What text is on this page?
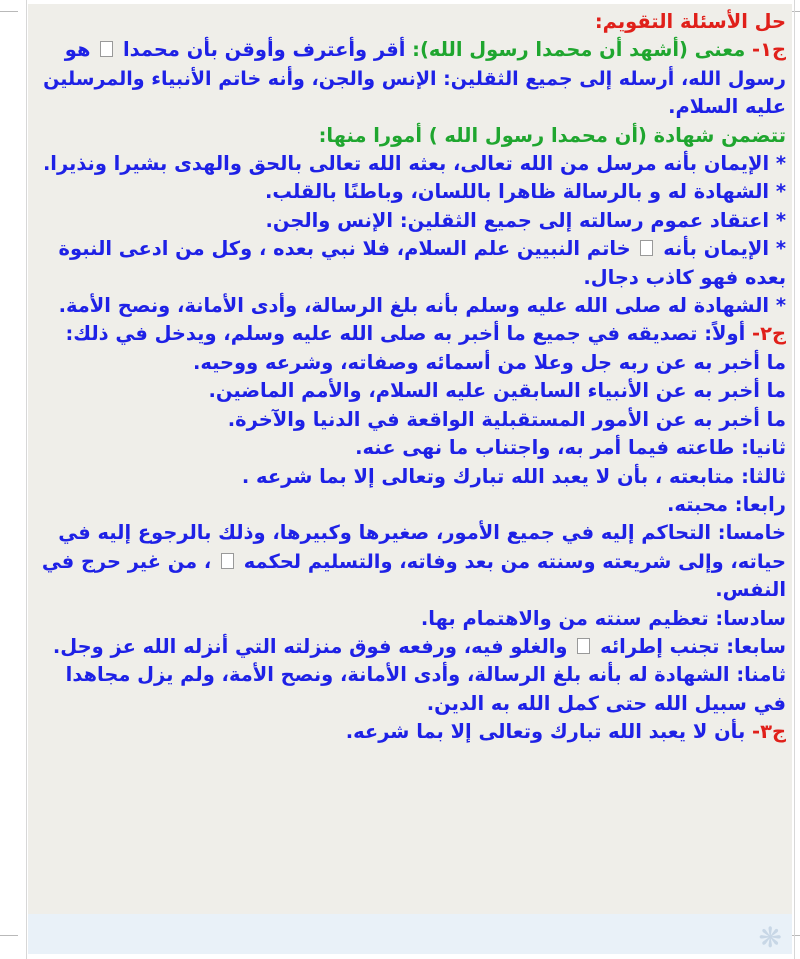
❋
حل الأسئلة التقويم:
ج١- معنى (أشهد أن محمدا رسول الله): أقر وأعترف وأوقن بأن محمدا  هو
رسول الله، أرسله إلى جميع الثقلين: الإنس والجن، وأنه خاتم الأنبياء والمرسلين
عليه السلام.
تتضمن شهادة (أن محمدا رسول الله ) أمورا منها:
* الإيمان بأنه مرسل من الله تعالى، بعثه الله تعالى بالحق والهدى بشيرا ونذيرا.
* الشهادة له و بالرسالة ظاهرا باللسان، وباطنًا بالقلب.
* اعتقاد عموم رسالته إلى جميع الثقلين: الإنس والجن.
* الإيمان بأنه  خاتم النبيين علم السلام، فلا نبي بعده ، وكل من ادعى النبوة
بعده فهو كاذب دجال.
* الشهادة له صلى الله عليه وسلم بأنه بلغ الرسالة، وأدى الأمانة، ونصح الأمة.
ج٢- أولاً: تصديقه في جميع ما أخبر به صلى الله عليه وسلم، ويدخل في ذلك:
ما أخبر به عن ربه جل وعلا من أسمائه وصفاته، وشرعه ووحيه.
ما أخبر به عن الأنبياء السابقين عليه السلام، والأمم الماضين.
ما أخبر به عن الأمور المستقبلية الواقعة في الدنيا والآخرة.
ثانيا: طاعته فيما أمر به، واجتناب ما نهى عنه.
ثالثا: متابعته ، بأن لا يعبد الله تبارك وتعالى إلا بما شرعه .
رابعا: محبته.
خامسا: التحاكم إليه في جميع الأمور، صغيرها وكبيرها، وذلك بالرجوع إليه في
حياته، وإلى شريعته وسنته من بعد وفاته، والتسليم لحكمه  ، من غير حرج في
النفس.
سادسا: تعظيم سنته من والاهتمام بها.
سابعا: تجنب إطرائه  والغلو فيه، ورفعه فوق منزلته التي أنزله الله عز وجل.
ثامنا: الشهادة له بأنه بلغ الرسالة، وأدى الأمانة، ونصح الأمة، ولم يزل مجاهدا
في سبيل الله حتى كمل الله به الدين.
ج٣- بأن لا يعبد الله تبارك وتعالى إلا بما شرعه.
